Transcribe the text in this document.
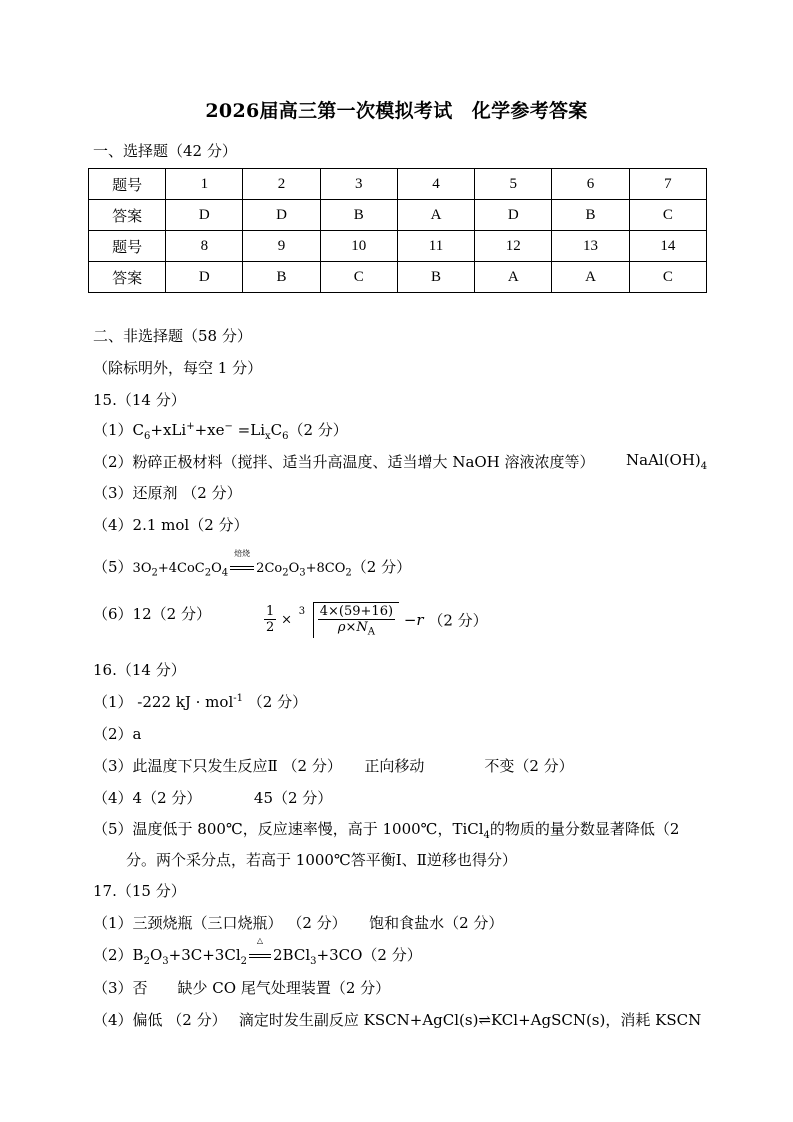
2026届高三第一次模拟考试　化学参考答案
一、选择题（42 分）
题号	1	2	3	4	5	6	7
答案	D	D	B	A	D	B	C
题号	8	9	10	11	12	13	14
答案	D	B	C	B	A	A	C
二、非选择题（58 分）
（除标明外，每空 1 分）
15.（14 分）
$(1)C_6+xLi^++xe^- =Li_xC_6(2$ 分）
（2）粉碎正极材料（搅拌、适当升高温度、适当增大 NaOH 溶液浓度等） $NaAl(OH)_4$
（3）还原剂 （2 分）
（4）2.1 mol（2 分）
$(5)3O_2+4CoC_2O_4$
焙烧
$2Co_2O_3+8CO_2(2$ 分）
（6）12（2 分）	$\frac{1}{2}$ ×
$3 \frac{4\times(59+16)}{\rho\times N_A} -r$ （2 分）
16.（14 分）
（1） -222 kJ · mol$^{-1}$ （2 分）
（2）a
（3）此温度下只发生反应Ⅱ （2 分）　　正向移动　　　　不变（2 分）
（4）4（2 分）　　　　45（2 分）
（5）温度低于 800℃，反应速率慢，高于 1000℃，TiCl$_4$的物质的量分数显著降低（2
分。两个采分点，若高于 1000℃答平衡Ⅰ、Ⅱ逆移也得分）
17.（15 分）
（1）三颈烧瓶（三口烧瓶） （2 分）　　饱和食盐水（2 分）
$(2)B_2O_3+3C+3Cl_2$
△
2BCl$_3$+3CO（2 分）
（3）否　　缺少 CO 尾气处理装置（2 分）
（4）偏低 （2 分）　 滴定时发生副反应 KSCN+AgCl(s)⇌KCl+AgSCN(s)，消耗 KSCN
